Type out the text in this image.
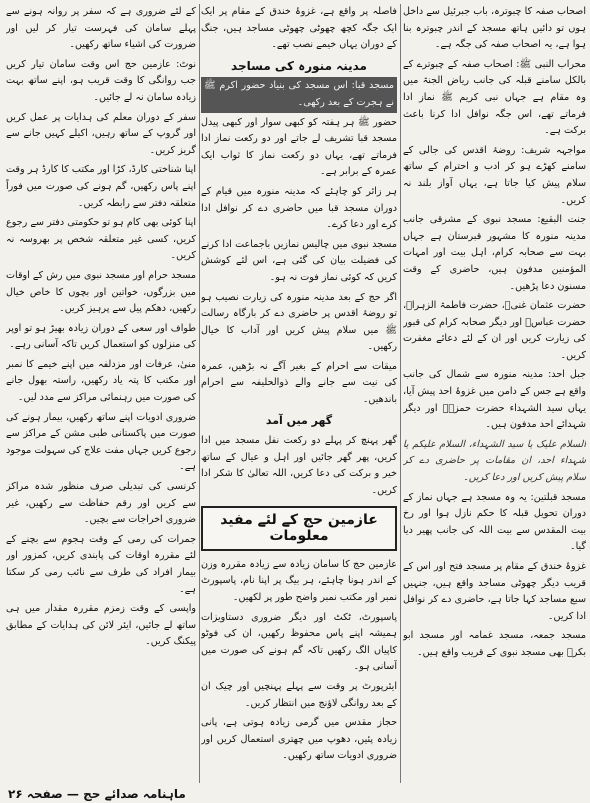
اصحاب صفہ کا چبوترہ، باب جبرئیل سے داخل ہوں تو دائیں ہاتھ مسجد کے اندر چبوترہ بنا ہوا ہے، یہ اصحاب صفہ کی جگہ ہے۔

محراب النبی ﷺ: اصحاب صفہ کے چبوترے کے بالکل سامنے قبلہ کی جانب ریاض الجنۃ میں وہ مقام ہے جہاں نبی کریم ﷺ نماز ادا فرماتے تھے، اس جگہ نوافل ادا کرنا باعث برکت ہے۔

مواجہہ شریف: روضۂ اقدس کی جالی کے سامنے کھڑے ہو کر ادب و احترام کے ساتھ سلام پیش کیا جاتا ہے، یہاں آواز بلند نہ کریں۔

جنت البقیع: مسجد نبوی کے مشرقی جانب مدینہ منورہ کا مشہور قبرستان ہے جہاں بہت سے صحابہ کرام، اہل بیت اور امہات المؤمنین مدفون ہیں، حاضری کے وقت مسنون دعا پڑھیں۔

حضرت عثمان غنیؓ، حضرت فاطمۃ الزہراؓ، حضرت عباسؓ اور دیگر صحابہ کرام کی قبور کی زیارت کریں اور ان کے لئے دعائے مغفرت کریں۔

جبل احد: مدینہ منورہ سے شمال کی جانب واقع ہے جس کے دامن میں غزوۂ احد پیش آیا، یہاں سید الشہداء حضرت حمزہؓ اور دیگر شہدائے احد مدفون ہیں۔

السلام علیک یا سید الشہداء، السلام علیکم یا شہداء احد، ان مقامات پر حاضری دے کر سلام پیش کریں اور دعا کریں۔

مسجد قبلتین: یہ وہ مسجد ہے جہاں نماز کے دوران تحویل قبلہ کا حکم نازل ہوا اور رخ بیت المقدس سے بیت اللہ کی جانب پھیر دیا گیا۔

غزوۂ خندق کے مقام پر مسجد فتح اور اس کے قریب دیگر چھوٹی مساجد واقع ہیں، جنہیں سبع مساجد کہا جاتا ہے، حاضری دے کر نوافل ادا کریں۔

مسجد جمعہ، مسجد غمامہ اور مسجد ابو بکرؓ بھی مسجد نبوی کے قریب واقع ہیں۔

فاصلہ پر واقع ہے، غزوۂ خندق کے مقام پر ایک ایک جگہ کچھ چھوٹی چھوٹی مساجد ہیں، جنگ کے دوران یہاں خیمے نصب تھے۔

مدینہ منورہ کی مساجد
مسجد قبا: اس مسجد کی بنیاد حضور اکرم ﷺ نے ہجرت کے بعد رکھی۔

حضور ﷺ ہر ہفتہ کو کبھی سوار اور کبھی پیدل مسجد قبا تشریف لے جاتے اور دو رکعت نماز ادا فرماتے تھے، یہاں دو رکعت نماز کا ثواب ایک عمرہ کے برابر ہے۔

ہر زائر کو چاہئے کہ مدینہ منورہ میں قیام کے دوران مسجد قبا میں حاضری دے کر نوافل ادا کرے اور دعا کرے۔

مسجد نبوی میں چالیس نمازیں باجماعت ادا کرنے کی فضیلت بیان کی گئی ہے، اس لئے کوشش کریں کہ کوئی نماز فوت نہ ہو۔

اگر حج کے بعد مدینہ منورہ کی زیارت نصیب ہو تو روضۂ اقدس پر حاضری دے کر بارگاہ رسالت ﷺ میں سلام پیش کریں اور آداب کا خیال رکھیں۔

میقات سے احرام کے بغیر آگے نہ بڑھیں، عمرہ کی نیت سے جانے والے ذوالحلیفہ سے احرام باندھیں۔

گھر میں آمد

گھر پہنچ کر پہلے دو رکعت نفل مسجد میں ادا کریں، پھر گھر جائیں اور اہل و عیال کے ساتھ خیر و برکت کی دعا کریں، اللہ تعالیٰ کا شکر ادا کریں۔

عازمین حج کے لئے مفید معلومات

عازمین حج کا سامان زیادہ سے زیادہ مقررہ وزن کے اندر ہونا چاہئے، ہر بیگ پر اپنا نام، پاسپورٹ نمبر اور مکتب نمبر واضح طور پر لکھیں۔

پاسپورٹ، ٹکٹ اور دیگر ضروری دستاویزات ہمیشہ اپنے پاس محفوظ رکھیں، ان کی فوٹو کاپیاں الگ رکھیں تاکہ گم ہونے کی صورت میں آسانی ہو۔

ایئرپورٹ پر وقت سے پہلے پہنچیں اور چیک ان کے بعد روانگی لاؤنج میں انتظار کریں۔

حجاز مقدس میں گرمی زیادہ ہوتی ہے، پانی زیادہ پئیں، دھوپ میں چھتری استعمال کریں اور ضروری ادویات ساتھ رکھیں۔

کے لئے ضروری ہے کہ سفر پر روانہ ہونے سے پہلے سامان کی فہرست تیار کر لیں اور ضرورت کی اشیاء ساتھ رکھیں۔

نوٹ: عازمین حج اس وقت سامان تیار کریں جب روانگی کا وقت قریب ہو، اپنے ساتھ بہت زیادہ سامان نہ لے جائیں۔

سفر کے دوران معلم کی ہدایات پر عمل کریں اور گروپ کے ساتھ رہیں، اکیلے کہیں جانے سے گریز کریں۔

اپنا شناختی کارڈ، کڑا اور مکتب کا کارڈ ہر وقت اپنے پاس رکھیں، گم ہونے کی صورت میں فوراً متعلقہ دفتر سے رابطہ کریں۔

اپنا کوئی بھی کام ہو تو حکومتی دفتر سے رجوع کریں، کسی غیر متعلقہ شخص پر بھروسہ نہ کریں۔

مسجد حرام اور مسجد نبوی میں رش کے اوقات میں بزرگوں، خواتین اور بچوں کا خاص خیال رکھیں، دھکم پیل سے پرہیز کریں۔

طواف اور سعی کے دوران زیادہ بھیڑ ہو تو اوپر کی منزلوں کو استعمال کریں تاکہ آسانی رہے۔

منیٰ، عرفات اور مزدلفہ میں اپنے خیمے کا نمبر اور مکتب کا پتہ یاد رکھیں، راستہ بھول جانے کی صورت میں رہنمائی مراکز سے مدد لیں۔

ضروری ادویات اپنے ساتھ رکھیں، بیمار ہونے کی صورت میں پاکستانی طبی مشن کے مراکز سے رجوع کریں جہاں مفت علاج کی سہولت موجود ہے۔

کرنسی کی تبدیلی صرف منظور شدہ مراکز سے کریں اور رقم حفاظت سے رکھیں، غیر ضروری اخراجات سے بچیں۔

جمرات کی رمی کے وقت ہجوم سے بچنے کے لئے مقررہ اوقات کی پابندی کریں، کمزور اور بیمار افراد کی طرف سے نائب رمی کر سکتا ہے۔

واپسی کے وقت زمزم مقررہ مقدار میں ہی ساتھ لے جائیں، ایئر لائن کی ہدایات کے مطابق پیکنگ کریں۔

ماہنامہ صدائے حج — صفحہ ۲۶
